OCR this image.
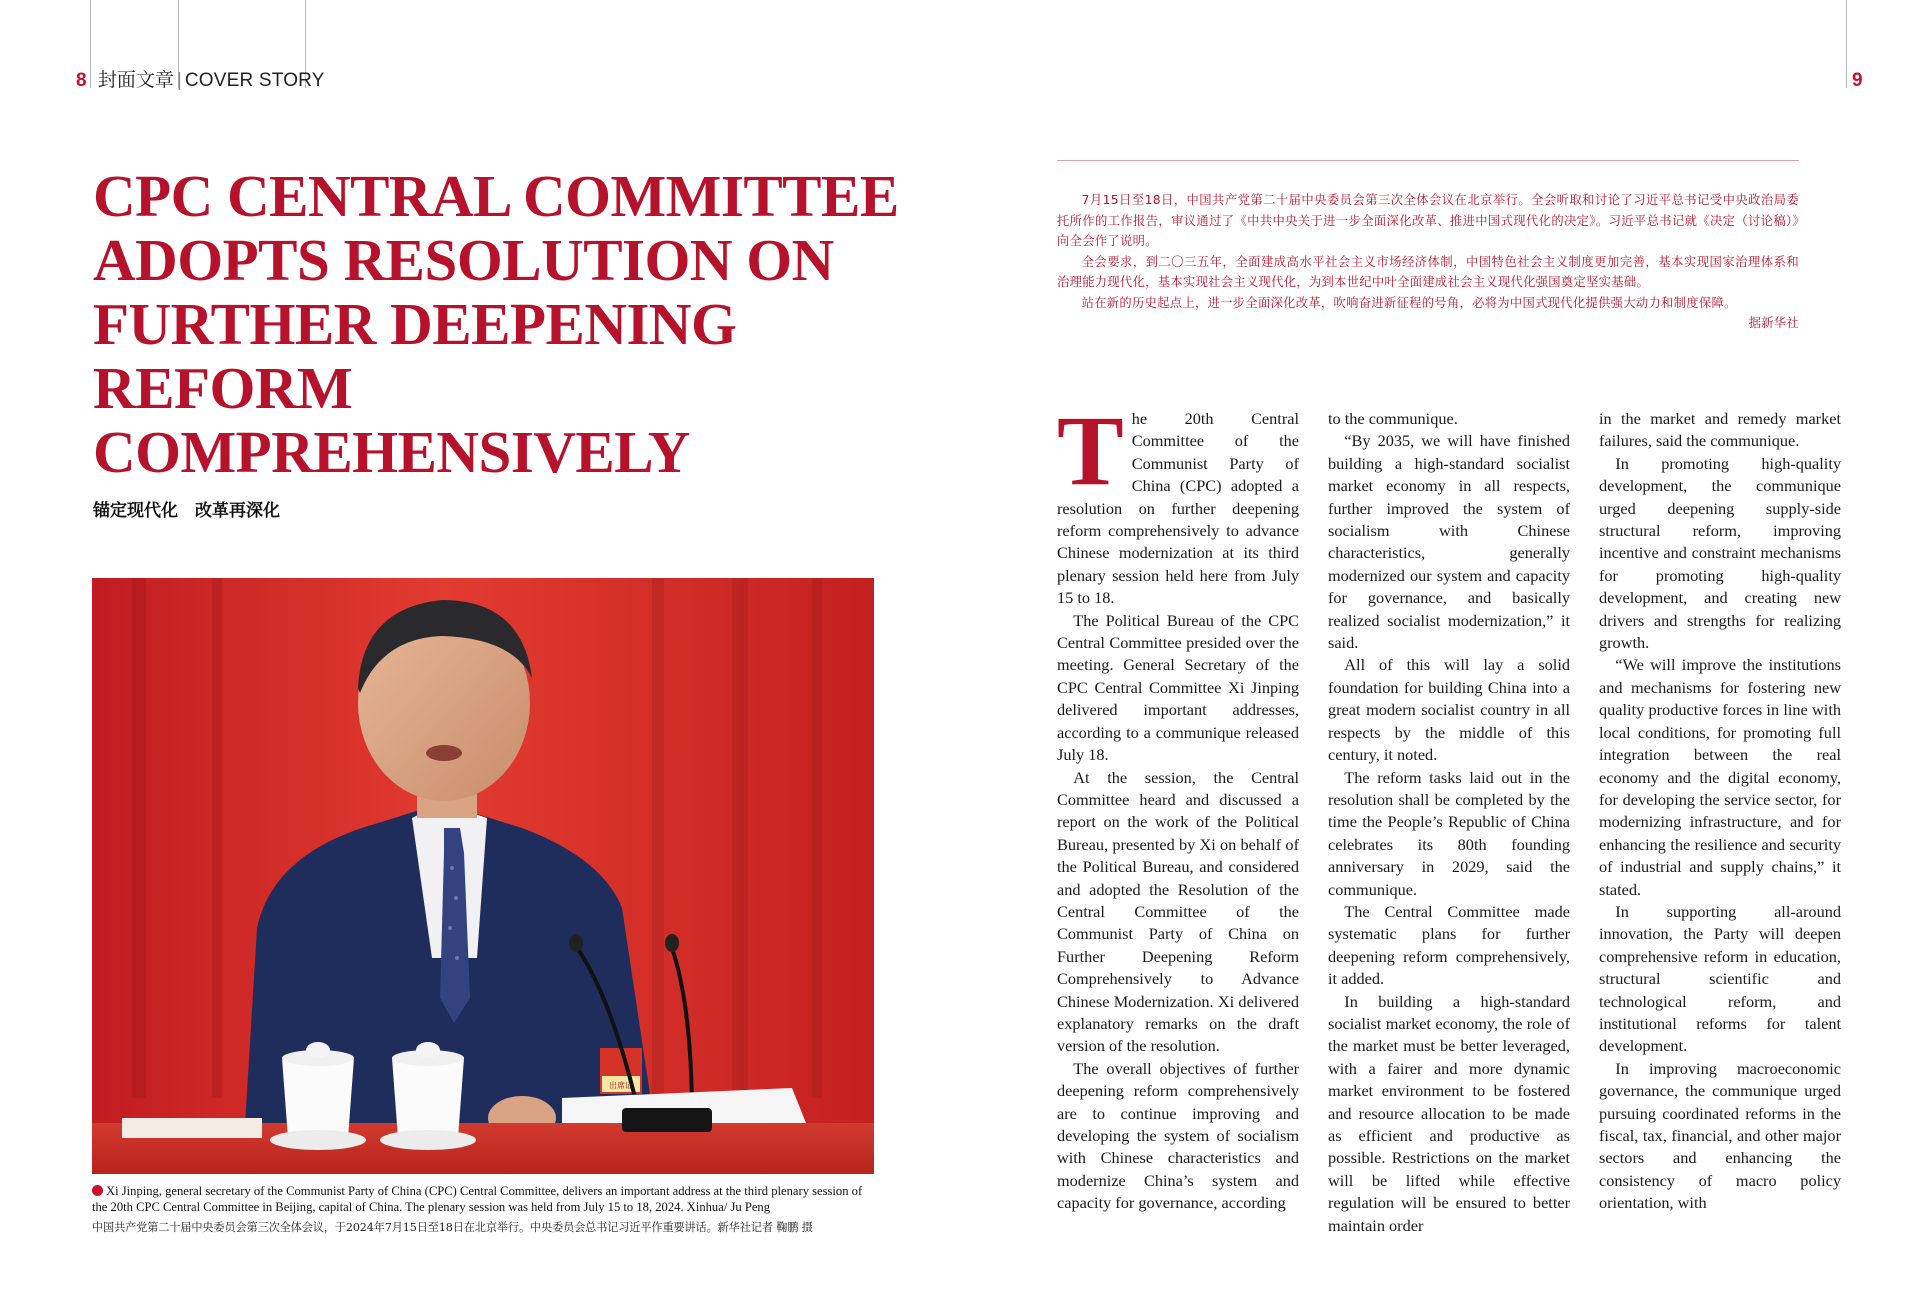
8 封面文章 | COVER STORY
CPC CENTRAL COMMITTEE ADOPTS RESOLUTION ON FURTHER DEEPENING REFORM COMPREHENSIVELY

锚定现代化　改革再深化

出席证

Xi Jinping, general secretary of the Communist Party of China (CPC) Central Committee, delivers an important address at the third plenary session of the 20th CPC Central Committee in Beijing, capital of China. The plenary session was held from July 15 to 18, 2024. Xinhua/ Ju Peng

中国共产党第二十届中央委员会第三次全体会议，于2024年7月15日至18日在北京举行。中央委员会总书记习近平作重要讲话。新华社记者 鞠鹏 摄

9

7月15日至18日，中国共产党第二十届中央委员会第三次全体会议在北京举行。全会听取和讨论了习近平总书记受中央政治局委托所作的工作报告，审议通过了《中共中央关于进一步全面深化改革、推进中国式现代化的决定》。习近平总书记就《决定（讨论稿）》向全会作了说明。

全会要求，到二〇三五年，全面建成高水平社会主义市场经济体制，中国特色社会主义制度更加完善，基本实现国家治理体系和治理能力现代化，基本实现社会主义现代化，为到本世纪中叶全面建成社会主义现代化强国奠定坚实基础。

站在新的历史起点上，进一步全面深化改革，吹响奋进新征程的号角，必将为中国式现代化提供强大动力和制度保障。

据新华社

T he 20th Central Committee of the Communist Party of China (CPC) adopted a resolution on further deepening reform comprehensively to advance Chinese modernization at its third plenary session held here from July 15 to 18.

The Political Bureau of the CPC Central Committee presided over the meeting. General Secretary of the CPC Central Committee Xi Jinping delivered important addresses, according to a communique released July 18.

At the session, the Central Committee heard and discussed a report on the work of the Political Bureau, presented by Xi on behalf of the Political Bureau, and considered and adopted the Resolution of the Central Committee of the Communist Party of China on Further Deepening Reform Comprehensively to Advance Chinese Modernization. Xi delivered explanatory remarks on the draft version of the resolution.

The overall objectives of further deepening reform comprehensively are to continue improving and developing the system of socialism with Chinese characteristics and modernize China’s system and capacity for governance, according

to the communique.

“By 2035, we will have finished building a high-standard socialist market economy in all respects, further improved the system of socialism with Chinese characteristics, generally modernized our system and capacity for governance, and basically realized socialist modernization,” it said.

All of this will lay a solid foundation for building China into a great modern socialist country in all respects by the middle of this century, it noted.

The reform tasks laid out in the resolution shall be completed by the time the People’s Republic of China celebrates its 80th founding anniversary in 2029, said the communique.

The Central Committee made systematic plans for further deepening reform comprehensively, it added.

In building a high-standard socialist market economy, the role of the market must be better leveraged, with a fairer and more dynamic market environment to be fostered and resource allocation to be made as efficient and productive as possible. Restrictions on the market will be lifted while effective regulation will be ensured to better maintain order

in the market and remedy market failures, said the communique.

In promoting high-quality development, the communique urged deepening supply-side structural reform, improving incentive and constraint mechanisms for promoting high-quality development, and creating new drivers and strengths for realizing growth.

“We will improve the institutions and mechanisms for fostering new quality productive forces in line with local conditions, for promoting full integration between the real economy and the digital economy, for developing the service sector, for modernizing infrastructure, and for enhancing the resilience and security of industrial and supply chains,” it stated.

In supporting all-around innovation, the Party will deepen comprehensive reform in education, structural scientific and technological reform, and institutional reforms for talent development.

In improving macroeconomic governance, the communique urged pursuing coordinated reforms in the fiscal, tax, financial, and other major sectors and enhancing the consistency of macro policy orientation, with
